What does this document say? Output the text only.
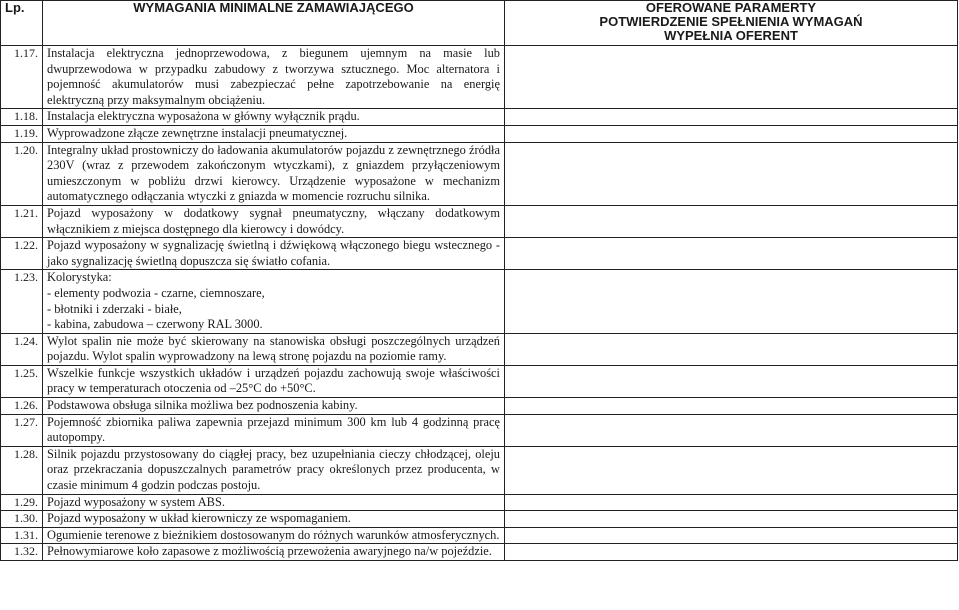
Lp.	WYMAGANIA MINIMALNE ZAMAWIAJĄCEGO	OFEROWANE PARAMERTY
POTWIERDZENIE SPEŁNIENIA WYMAGAŃ
WYPEŁNIA OFERENT

1.17.	Instalacja elektryczna jednoprzewodowa, z biegunem ujemnym na masie lub dwuprzewodowa w przypadku zabudowy z tworzywa sztucznego. Moc alternatora i pojemność akumulatorów musi zabezpieczać pełne zapotrzebowanie na energię elektryczną przy maksymalnym obciążeniu.	
1.18.	Instalacja elektryczna wyposażona w główny wyłącznik prądu.	
1.19.	Wyprowadzone złącze zewnętrzne instalacji pneumatycznej.	
1.20.	Integralny układ prostowniczy do ładowania akumulatorów pojazdu z zewnętrznego źródła 230V (wraz z przewodem zakończonym wtyczkami), z gniazdem przyłączeniowym umieszczonym w pobliżu drzwi kierowcy. Urządzenie wyposażone w mechanizm automatycznego odłączania wtyczki z gniazda w momencie rozruchu silnika.	
1.21.	Pojazd wyposażony w dodatkowy sygnał pneumatyczny, włączany dodatkowym włącznikiem z miejsca dostępnego dla kierowcy i dowódcy.	
1.22.	Pojazd wyposażony w sygnalizację świetlną i dźwiękową włączonego biegu wstecznego - jako sygnalizację świetlną dopuszcza się światło cofania.	
1.23.	Kolorystyka:
- elementy podwozia - czarne, ciemnoszare,
- błotniki i zderzaki - białe,
- kabina, zabudowa – czerwony RAL 3000.	

1.24.	Wylot spalin nie może być skierowany na stanowiska obsługi poszczególnych urządzeń pojazdu. Wylot spalin wyprowadzony na lewą stronę pojazdu na poziomie ramy.	
1.25.	Wszelkie funkcje wszystkich układów i urządzeń pojazdu zachowują swoje właściwości pracy w temperaturach otoczenia od –25°C do +50°C.	
1.26.	Podstawowa obsługa silnika możliwa bez podnoszenia kabiny.	
1.27.	Pojemność zbiornika paliwa zapewnia przejazd minimum 300 km lub 4 godzinną pracę autopompy.	
1.28.	Silnik pojazdu przystosowany do ciągłej pracy, bez uzupełniania cieczy chłodzącej, oleju oraz przekraczania dopuszczalnych parametrów pracy określonych przez producenta, w czasie minimum 4 godzin podczas postoju.	
1.29.	Pojazd wyposażony w system ABS.	
1.30.	Pojazd wyposażony w układ kierowniczy ze wspomaganiem.	
1.31.	Ogumienie terenowe z bieżnikiem dostosowanym do różnych warunków atmosferycznych.	
1.32.	Pełnowymiarowe koło zapasowe z możliwością przewożenia awaryjnego na/w pojeździe.	
